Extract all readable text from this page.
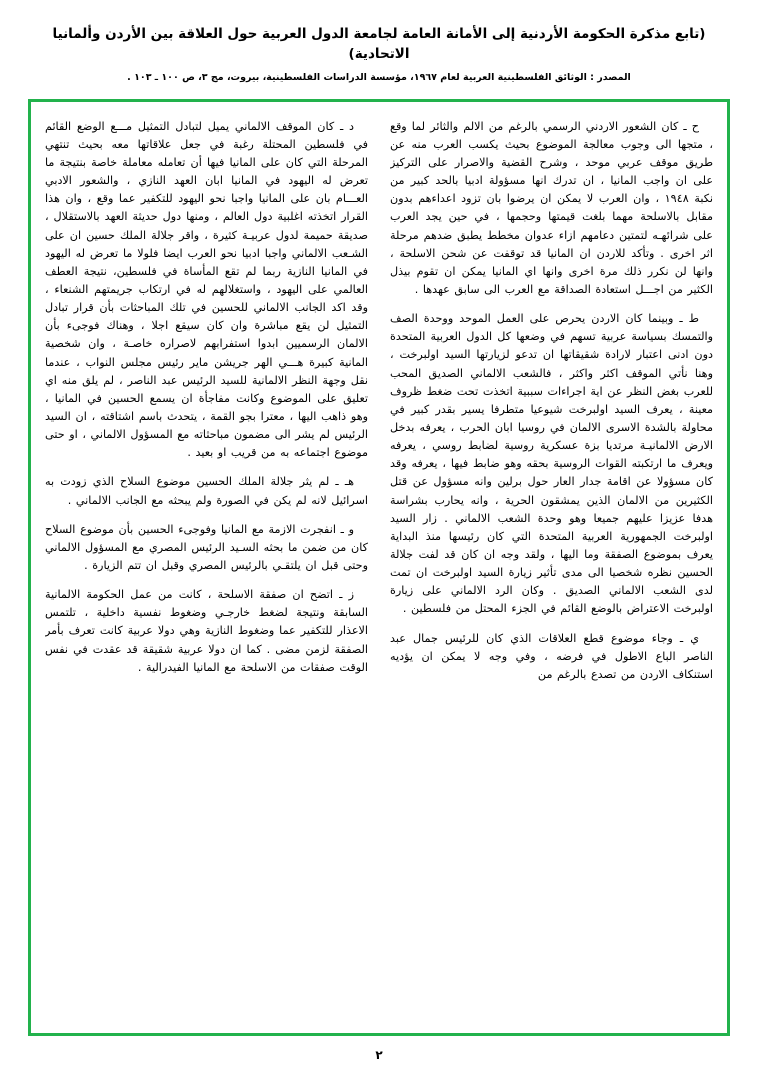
(تابع مذكرة الحكومة الأردنية إلى الأمانة العامة لجامعة الدول العربية حول العلاقة بين الأردن وألمانيا الاتحادية)
المصدر : الوثائق الفلسطينية العربية لعام ١٩٦٧، مؤسسة الدراسات الفلسطينية، بيروت، مج ٣، ص ١٠٠ ـ ١٠٣ .

د ـ كان الموقف الالماني يميل لتبادل التمثيل مـــع الوضع القائم في فلسطين المحتلة رغبة في جعل علاقاتها معه بحيث تنتهي المرحلة التي كان على المانيا فيها أن تعامله معاملة خاصة بنتيجة ما تعرض له اليهود في المانيا ابان العهد النازي ، والشعور الادبي العـــام بان على المانيا واجبا نحو اليهود للتكفير عما وقع ، وان هذا القرار اتخذته اغلبية دول العالم ، ومنها دول حديثة العهد بالاستقلال ، صديقة حميمة لدول عربيـة كثيرة ، واقر جلالة الملك حسين ان على الشـعب الالماني واجبا ادبيا نحو العرب ايضا فلولا ما تعرض له اليهود في المانيا النازية ربما لم تقع المأساة في فلسطين، نتيجة العطف العالمي على اليهود ، واستغلالهم له في ارتكاب جريمتهم الشنعاء ، وقد اكد الجانب الالماني للحسين في تلك المباحثات بأن قرار تبادل التمثيل لن يقع مباشرة وان كان سيقع اجلا ، وهناك فوجىء بأن الالمان الرسميين ابدوا استفرابهم لاصراره خاصـة ، وان شخصية المانية كبيرة هـــي الهر جريشن ماير رئيس مجلس النواب ، عندما نقل وجهة النظر الالمانية للسيد الرئيس عبد الناصر ، لم يلق منه اي تعليق على الموضوع وكانت مفاجأة ان يسمع الحسين في المانيا ، وهو ذاهب اليها ، معترا بجو القمة ، يتحدث باسم اشتاقته ، ان السيد الرئيس لم يشر الى مضمون مباحثاته مع المسؤول الالماني ، او حتى موضوع اجتماعه به من قريب او بعيد .

هـ ـ لم يثر جلالة الملك الحسين موضوع السلاح الذي زودت به اسرائيل لانه لم يكن في الصورة ولم يبحثه مع الجانب الالماني .

و ـ انفجرت الازمة مع المانيا وفوجىء الحسين بأن موضوع السلاح كان من ضمن ما بحثه السـيد الرئيس المصري مع المسؤول الالماني وحتى قبل ان يلتقـي بالرئيس المصري وقبل ان تتم الزيارة .

ز ـ اتضح ان صفقة الاسلحة ، كانت من عمل الحكومة الالمانية السابقة ونتيجة لضغط خارجـي وضغوط نفسية داخلية ، تلتمس الاعذار للتكفير عما وضغوط النازية وهي دولا عربية كانت تعرف بأمر الصفقة لزمن مضى . كما ان دولا عربية شقيقة قد عقدت في نفس الوقت صفقات من الاسلحة مع المانيا الفيدرالية .

ح ـ كان الشعور الاردني الرسمي بالرغم من الالم والثائر لما وقع ، متجها الى وجوب معالجة الموضوع بحيث يكسب العرب منه عن طريق موقف عربي موحد ، وشرح القضية والاصرار على التركيز على ان واجب المانيا ، ان تدرك انها مسؤولة ادبيا بالحد كبير من نكبة ١٩٤٨ ، وان العرب لا يمكن ان يرضوا بان تزود اعداءهم بدون مقابل بالاسلحة مهما بلغت قيمتها وحجمها ، في حين يجد العرب على شرائهـه لتمتين دعامهم ازاء عدوان مخطط يطبق ضدهم مرحلة اثر اخرى . وتأكد للاردن ان المانيا قد توقفت عن شحن الاسلحة ، وانها لن نكرر ذلك مرة اخرى وانها اي المانيا يمكن ان تقوم بيذل الكثير من اجـــل استعادة الصداقة مع العرب الى سابق عهدها .

ط ـ وبينما كان الاردن يحرص على العمل الموحد ووحدة الصف والتمسك بسياسة عربية تسهم في وضعها كل الدول العربية المتحدة دون ادنى اعتبار لارادة شقيقاتها ان تدعو لزيارتها السيد اولبرخت ، وهنا نأتي الموقف اكثر واكثر ، فالشعب الالماني الصديق المحب للعرب بغض النظر عن اية اجراءات سببية اتخذت تحت ضغط ظروف معينة ، يعرف السيد اولبرخت شيوعيا متطرفا يسير بقدر كبير في محاولة بالشدة الاسرى الالمان في روسيا ابان الحرب ، يعرفه بدخل الارض الالمانيـة مرتديا بزة عسكرية روسية لضابط روسي ، يعرفه ويعرف ما ارتكبته القوات الروسية بحقه وهو ضابط فيها ، يعرفه وقد كان مسؤولا عن اقامة جدار العار حول برلين وانه مسؤول عن قتل الكثيرين من الالمان الذين يمشقون الحرية ، وانه يحارب بشراسة هدفا عزيزا عليهم جميعا وهو وحدة الشعب الالماني . زار السيد اولبرخت الجمهورية العربية المتحدة التي كان رئيسها منذ البداية يعرف بموضوع الصفقة وما اليها ، ولقد وجه ان كان قد لفت جلالة الحسين نظره شخصيا الى مدى تأثير زيارة السيد اولبرخت ان تمت لدى الشعب الالماني الصديق . وكان الرد الالماني على زيارة اولبرخت الاعتراض بالوضع القائم في الجزء المحتل من فلسطين .

ي ـ وجاء موضوع قطع العلاقات الذي كان للرئيس جمال عبد الناصر الباع الاطول في فرضه ، وفي وجه لا يمكن ان يؤديه استنكاف الاردن من تصدع بالرغم من

٢
